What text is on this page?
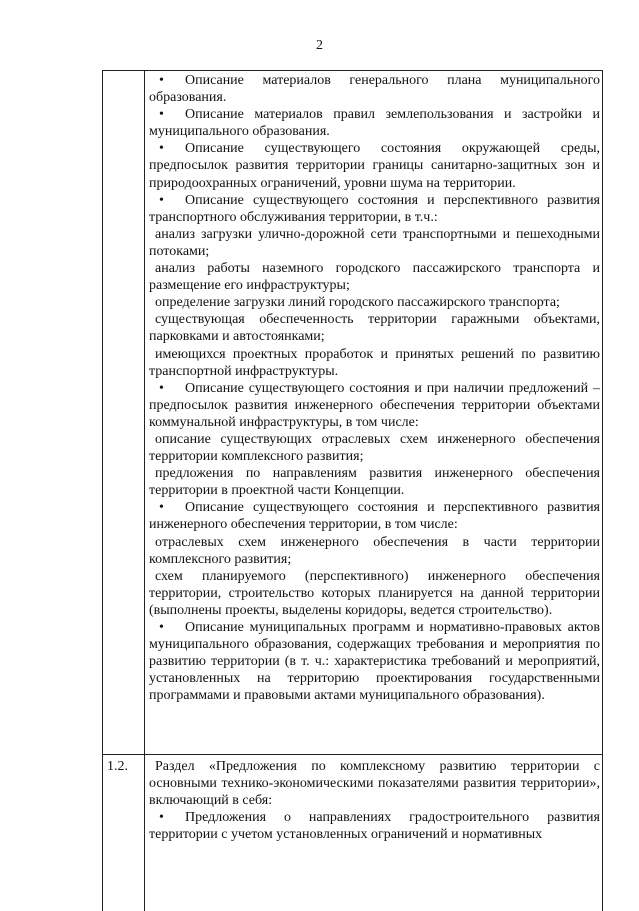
2
1.2.

• Описание материалов генерального плана муниципального образования.

• Описание материалов правил землепользования и застройки и муниципального образования.

• Описание существующего состояния окружающей среды, предпосылок развития территории границы санитарно-защитных зон и природоохранных ограничений, уровни шума на территории.

• Описание существующего состояния и перспективного развития транспортного обслуживания территории, в т.ч.:

анализ загрузки улично-дорожной сети транспортными и пешеходными потоками;

анализ работы наземного городского пассажирского транспорта и размещение его инфраструктуры;

определение загрузки линий городского пассажирского транспорта;

существующая обеспеченность территории гаражными объектами, парковками и автостоянками;

имеющихся проектных проработок и принятых решений по развитию транспортной инфраструктуры.

• Описание существующего состояния и при наличии предложений – предпосылок развития инженерного обеспечения территории объектами коммунальной инфраструктуры, в том числе:

описание существующих отраслевых схем инженерного обеспечения территории комплексного развития;

предложения по направлениям развития инженерного обеспечения территории в проектной части Концепции.

• Описание существующего состояния и перспективного развития инженерного обеспечения территории, в том числе:

отраслевых схем инженерного обеспечения в части территории комплексного развития;

схем планируемого (перспективного) инженерного обеспечения территории, строительство которых планируется на данной территории (выполнены проекты, выделены коридоры, ведется строительство).

• Описание муниципальных программ и нормативно-правовых актов муниципального образования, содержащих требования и мероприятия по развитию территории (в т. ч.: характеристика требований и мероприятий, установленных на территорию проектирования государственными программами и правовыми актами муниципального образования).

Раздел «Предложения по комплексному развитию территории с основными технико-экономическими показателями развития территории», включающий в себя:

• Предложения о направлениях градостроительного развития территории с учетом установленных ограничений и нормативных
